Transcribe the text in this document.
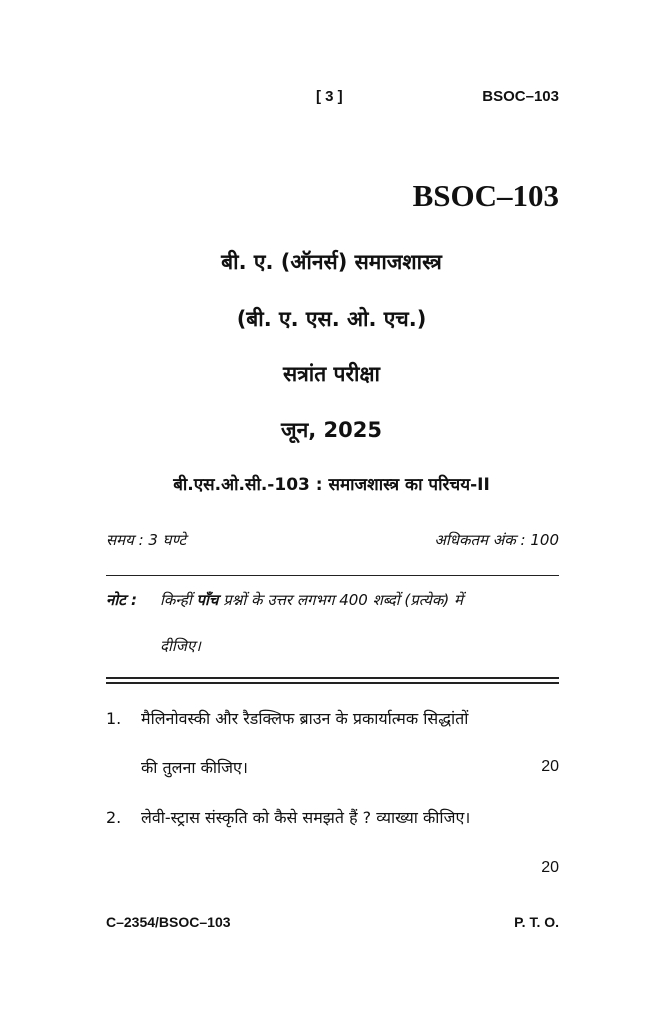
[ 3 ]	BSOC–103
BSOC–103
बी. ए. (ऑनर्स) समाजशास्त्र
(बी. ए. एस. ओ. एच.)
सत्रांत परीक्षा
जून, 2025
बी.एस.ओ.सी.-103 : समाजशास्त्र का परिचय-II
समय : 3 घण्टे	अधिकतम अंक : 100
नोट : किन्हीं पाँच प्रश्नों के उत्तर लगभग 400 शब्दों (प्रत्येक) में
दीजिए।
1. मैलिनोवस्की और रैडक्लिफ ब्राउन के प्रकार्यात्मक सिद्धांतों
की तुलना कीजिए।	20
2. लेवी-स्ट्रास संस्कृति को कैसे समझते हैं ? व्याख्या कीजिए।
20
C–2354/BSOC–103	P. T. O.
